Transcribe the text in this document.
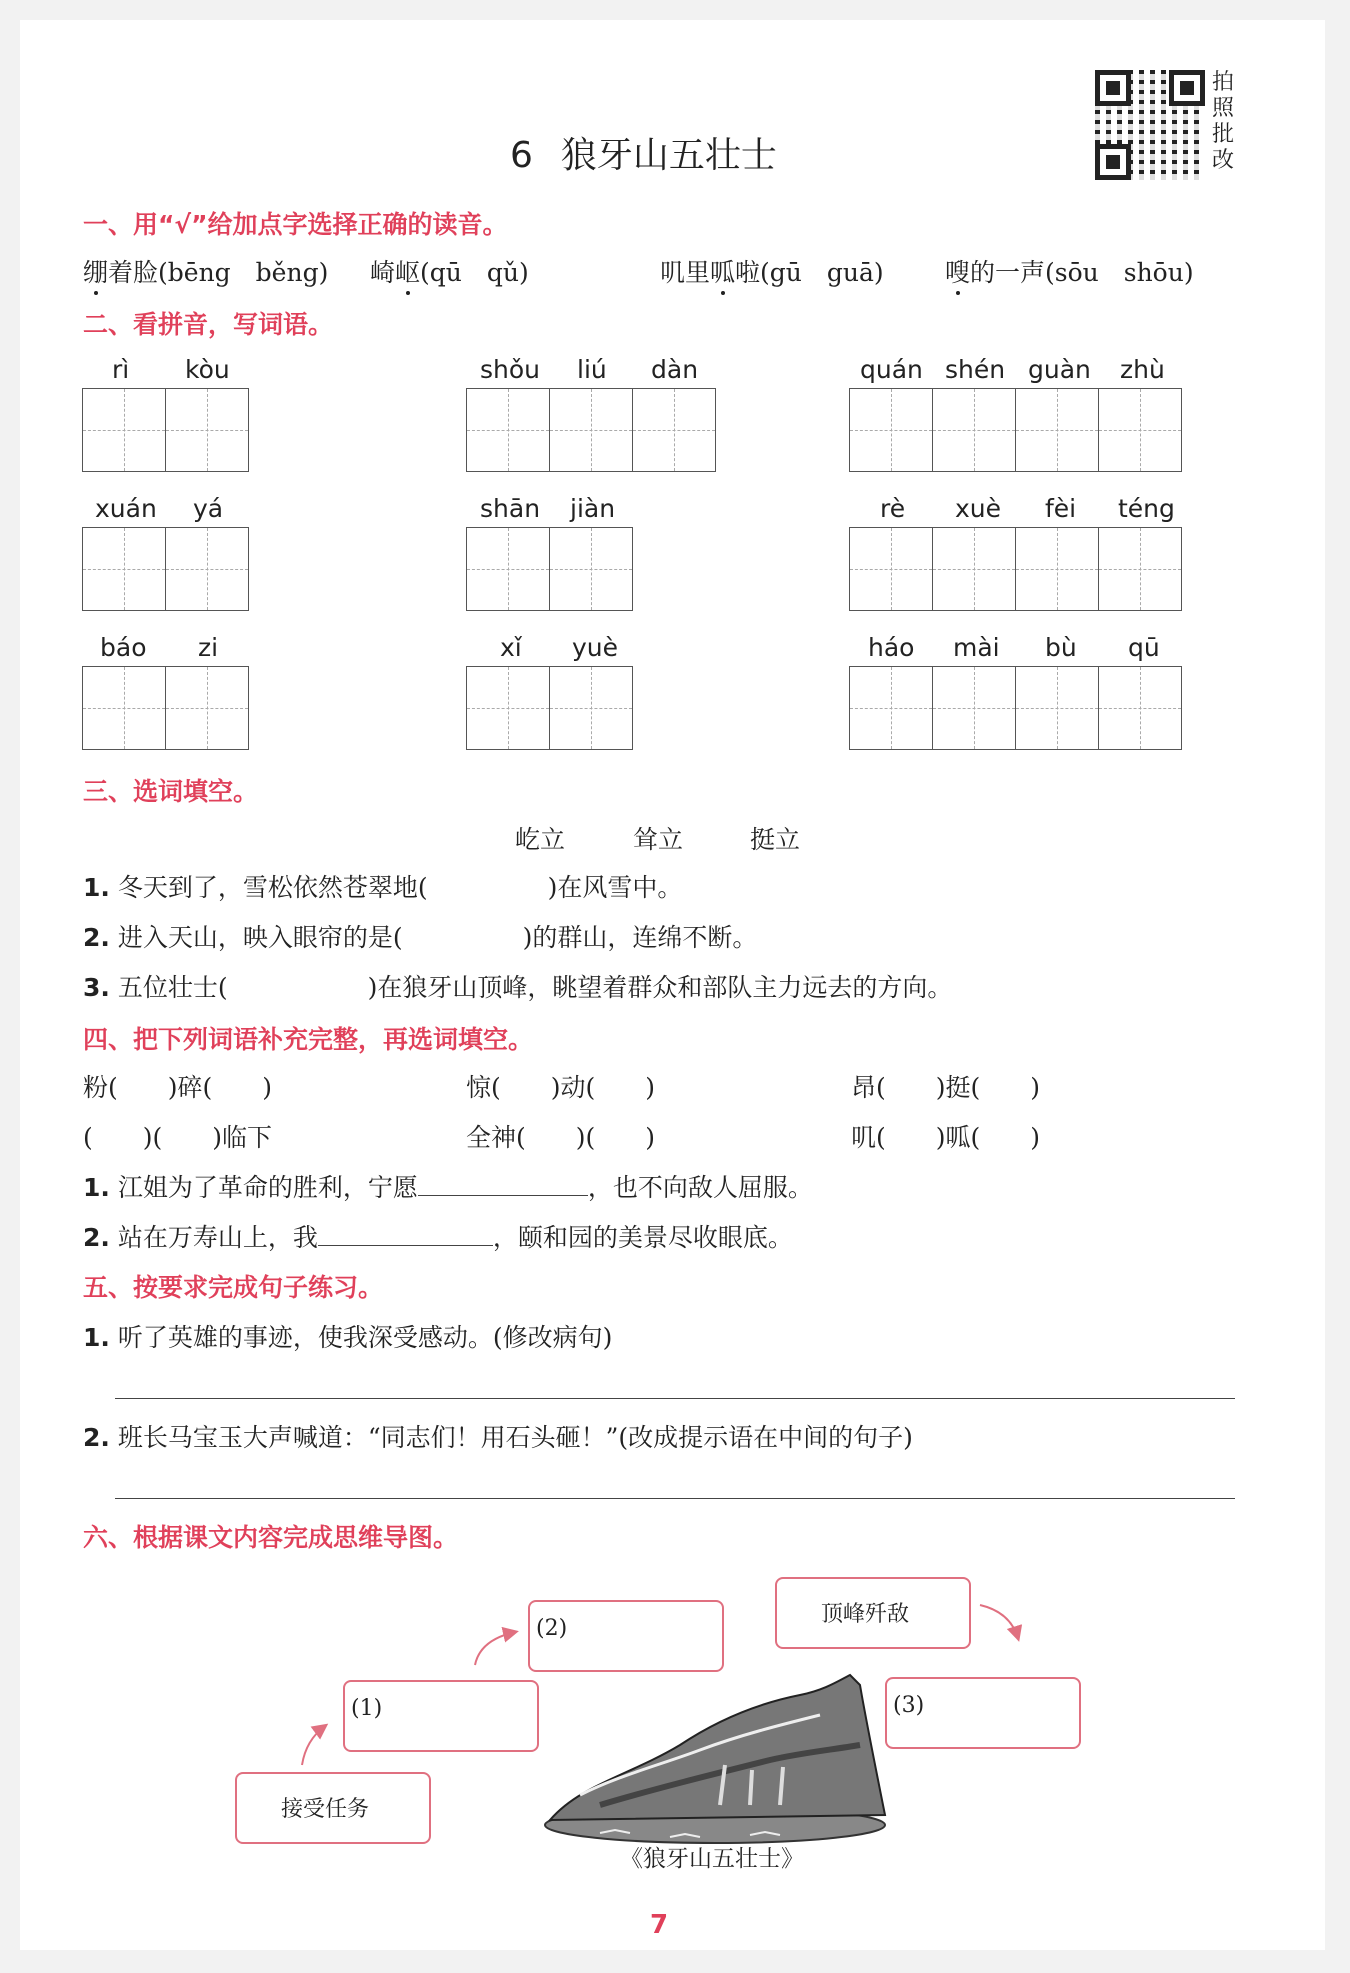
6 狼牙山五壮士
拍照批改
一、用“√”给加点字选择正确的读音。
绷着脸(bēng　běng) 崎岖(qū　qǔ)	叽里呱啦(gū　guā) 嗖的一声(sōu　shōu)
二、看拼音，写词语。
rì kòu	shǒu liú dàn	quán shén guàn zhù
xuán yá	shān jiàn	rè xuè fèi téng
báo zi	xǐ yuè	háo mài bù qū
三、选词填空。
屹立	耸立	挺立
1. 冬天到了，雪松依然苍翠地(	)在风雪中。
2. 进入天山，映入眼帘的是(	)的群山，连绵不断。
3. 五位壮士(	)在狼牙山顶峰，眺望着群众和部队主力远去的方向。
四、把下列词语补充完整，再选词填空。
粉(　　)碎(　　)	惊(　　)动(　　)	昂(　　)挺(　　)
(　　)(　　)临下	全神(　　)(　　)	叽(　　)呱(　　)
1. 江姐为了革命的胜利，宁愿	，也不向敌人屈服。
2. 站在万寿山上，我	，颐和园的美景尽收眼底。
五、按要求完成句子练习。
1. 听了英雄的事迹，使我深受感动。(修改病句)
2. 班长马宝玉大声喊道：“同志们！用石头砸！”(改成提示语在中间的句子)
六、根据课文内容完成思维导图。
接受任务
(1)
(2)
顶峰歼敌
(3)
《狼牙山五壮士》
7
